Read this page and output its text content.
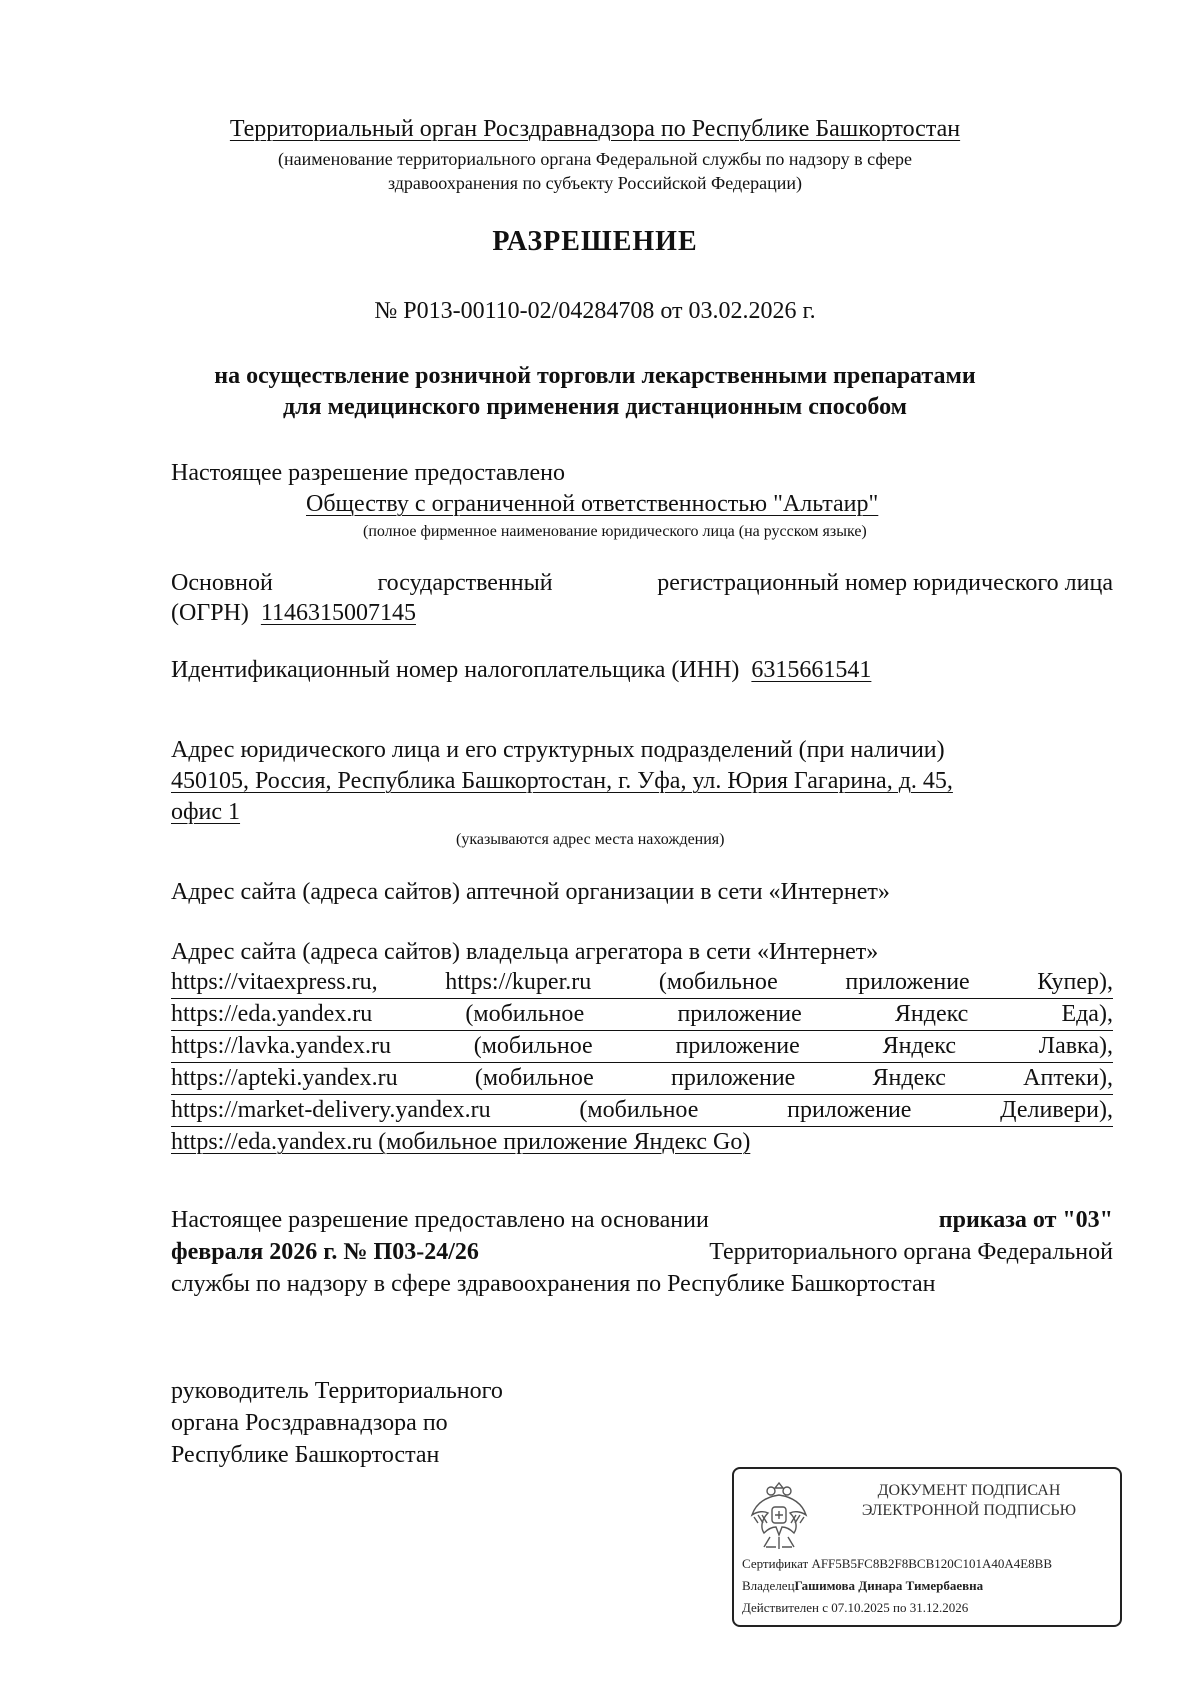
Территориальный орган Росздравнадзора по Республике Башкортостан
(наименование территориального органа Федеральной службы по надзору в сфере
здравоохранения по субъекту Российской Федерации)
РАЗРЕШЕНИЕ
№ Р013-00110-02/04284708 от 03.02.2026 г.
на осуществление розничной торговли лекарственными препаратами
для медицинского применения дистанционным способом
Настоящее разрешение предоставлено
Обществу с ограниченной ответственностью "Альтаир"
(полное фирменное наименование юридического лица (на русском языке)
Основной	государственный	регистрационный номер юридического лица
(ОГРН) 1146315007145
Идентификационный номер налогоплательщика (ИНН) 6315661541
Адрес юридического лица и его структурных подразделений (при наличии)
450105, Россия, Республика Башкортостан, г. Уфа, ул. Юрия Гагарина, д. 45,
офис 1
(указываются адрес места нахождения)
Адрес сайта (адреса сайтов) аптечной организации в сети «Интернет»
Адрес сайта (адреса сайтов) владельца агрегатора в сети «Интернет»
https://vitaexpress.ru,	https://kuper.ru	(мобильное	приложение	Купер),
https://eda.yandex.ru	(мобильное	приложение	Яндекс	Еда),
https://lavka.yandex.ru	(мобильное	приложение	Яндекс	Лавка),
https://apteki.yandex.ru	(мобильное	приложение	Яндекс	Аптеки),
https://market-delivery.yandex.ru	(мобильное	приложение	Деливери),
https://eda.yandex.ru (мобильное приложение Яндекс Go)
Настоящее разрешение предоставлено на основании	приказа от "03"
февраля 2026 г. № П03-24/26	Территориального органа Федеральной
службы по надзору в сфере здравоохранения по Республике Башкортостан
руководитель Территориального
органа Росздравнадзора по
Республике Башкортостан
ДОКУМЕНТ ПОДПИСАН
ЭЛЕКТРОННОЙ ПОДПИСЬЮ
Сертификат AFF5B5FC8B2F8BCB120C101A40A4E8BB
ВладелецГашимова Динара Тимербаевна
Действителен с 07.10.2025 по 31.12.2026
